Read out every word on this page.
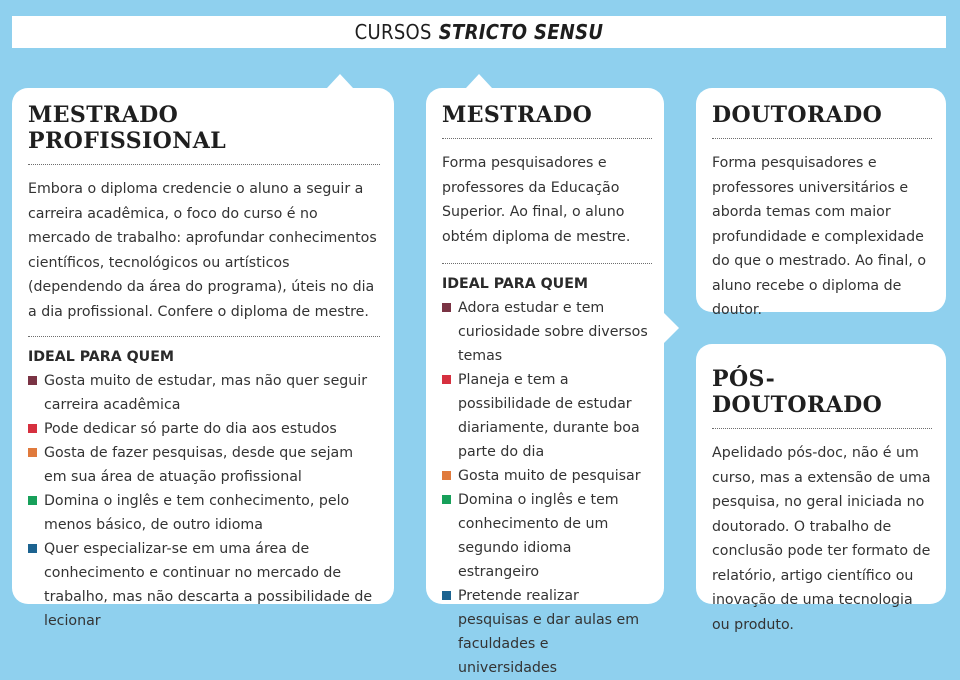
CURSOS STRICTO SENSU
MESTRADO PROFISSIONAL
Embora o diploma credencie o aluno a seguir a carreira acadêmica, o foco do curso é no mercado de trabalho: aprofundar conhecimentos científicos, tecnológicos ou artísticos (dependendo da área do programa), úteis no dia a dia profissional. Confere o diploma de mestre.
IDEAL PARA QUEM
Gosta muito de estudar, mas não quer seguir carreira acadêmica
Pode dedicar só parte do dia aos estudos
Gosta de fazer pesquisas, desde que sejam em sua área de atuação profissional
Domina o inglês e tem conhecimento, pelo menos básico, de outro idioma
Quer especializar-se em uma área de conhecimento e continuar no mercado de trabalho, mas não descarta a possibilidade de lecionar
MESTRADO
Forma pesquisadores e professores da Educação Superior. Ao final, o aluno obtém diploma de mestre.
IDEAL PARA QUEM
Adora estudar e tem curiosidade sobre diversos temas
Planeja e tem a possibilidade de estudar diariamente, durante boa parte do dia
Gosta muito de pesquisar
Domina o inglês e tem conhecimento de um segundo idioma estrangeiro
Pretende realizar pesquisas e dar aulas em faculdades e universidades
DOUTORADO
Forma pesquisadores e professores universitários e aborda temas com maior profundidade e complexidade do que o mestrado. Ao final, o aluno recebe o diploma de doutor.
PÓS-DOUTORADO
Apelidado pós-doc, não é um curso, mas a extensão de uma pesquisa, no geral iniciada no doutorado. O trabalho de conclusão pode ter formato de relatório, artigo científico ou inovação de uma tecnologia ou produto.
